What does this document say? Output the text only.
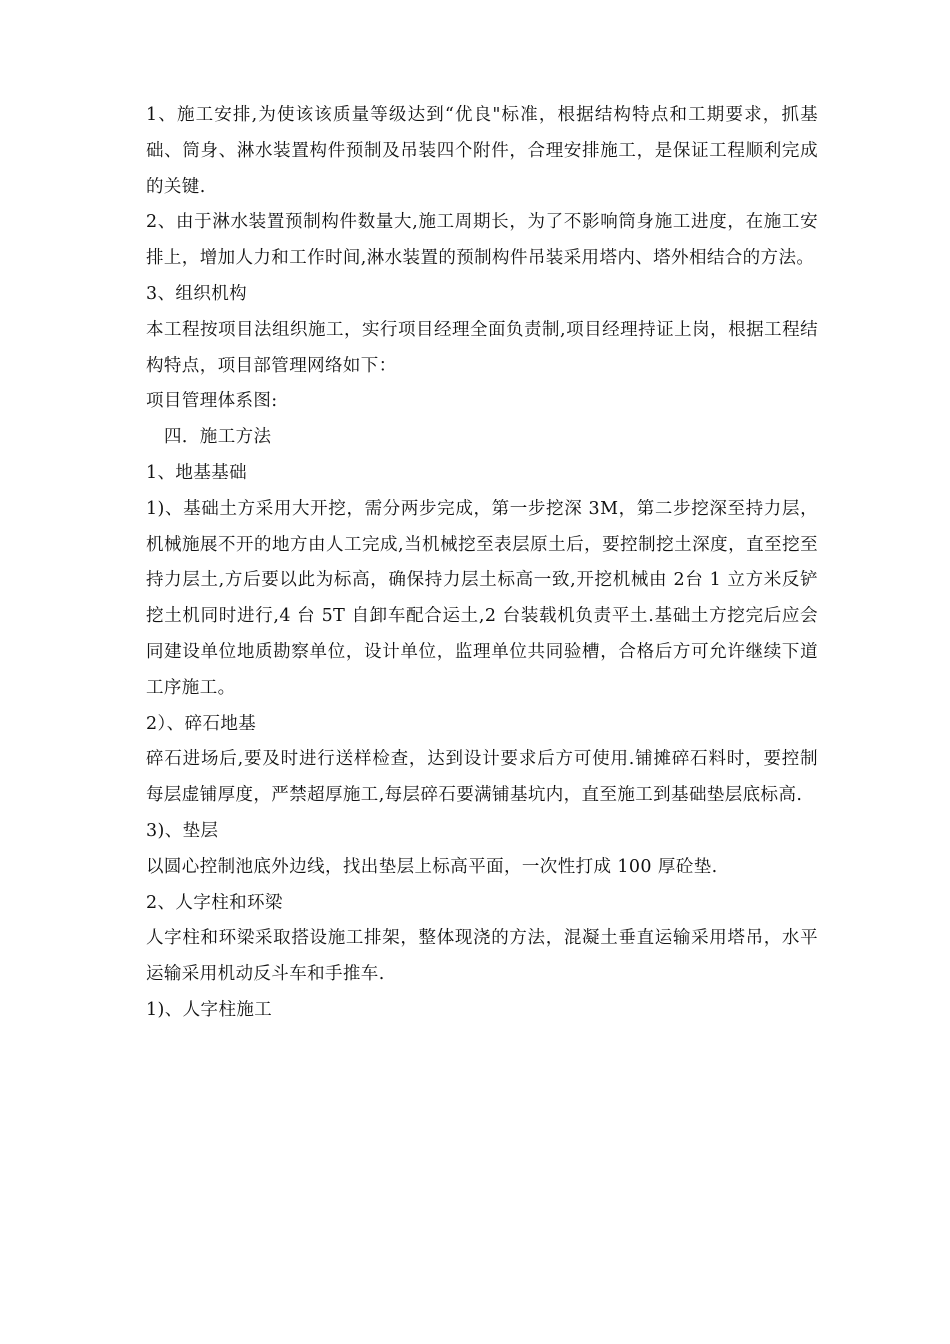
1、施工安排,为使该该质量等级达到“优良"标准，根据结构特点和工期要求，抓基础、筒身、淋水装置构件预制及吊装四个附件，合理安排施工，是保证工程顺利完成的关键.

2、由于淋水装置预制构件数量大,施工周期长，为了不影响筒身施工进度，在施工安排上，增加人力和工作时间,淋水装置的预制构件吊装采用塔内、塔外相结合的方法。

3、组织机构

本工程按项目法组织施工，实行项目经理全面负责制,项目经理持证上岗，根据工程结构特点，项目部管理网络如下：

项目管理体系图:

四．施工方法

1、地基基础

1)、基础土方采用大开挖，需分两步完成，第一步挖深 3M，第二步挖深至持力层，机械施展不开的地方由人工完成,当机械挖至表层原土后，要控制挖土深度，直至挖至持力层土,方后要以此为标高，确保持力层土标高一致,开挖机械由 2台 1 立方米反铲挖土机同时进行,4 台 5T 自卸车配合运土,2 台装载机负责平土.基础土方挖完后应会同建设单位地质勘察单位，设计单位，监理单位共同验槽，合格后方可允许继续下道工序施工。

2）、碎石地基

碎石进场后,要及时进行送样检查，达到设计要求后方可使用.铺摊碎石料时，要控制每层虚铺厚度，严禁超厚施工,每层碎石要满铺基坑内，直至施工到基础垫层底标高.

3)、垫层

以圆心控制池底外边线，找出垫层上标高平面，一次性打成 100 厚砼垫.

2、人字柱和环梁

人字柱和环梁采取搭设施工排架，整体现浇的方法，混凝土垂直运输采用塔吊，水平运输采用机动反斗车和手推车.

1)、人字柱施工
